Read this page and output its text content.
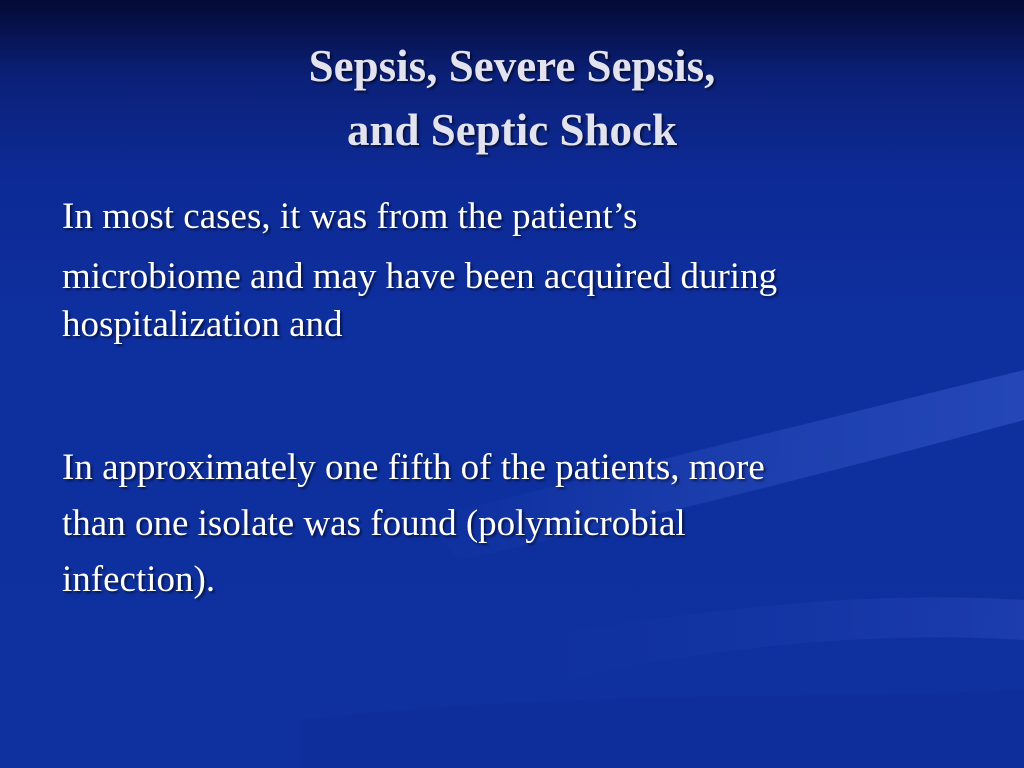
Sepsis, Severe Sepsis,
and Septic Shock
In most cases, it was from the patient’s
microbiome and may have been acquired during
hospitalization and
In approximately one fifth of the patients, more
than one isolate was found (polymicrobial
infection).
